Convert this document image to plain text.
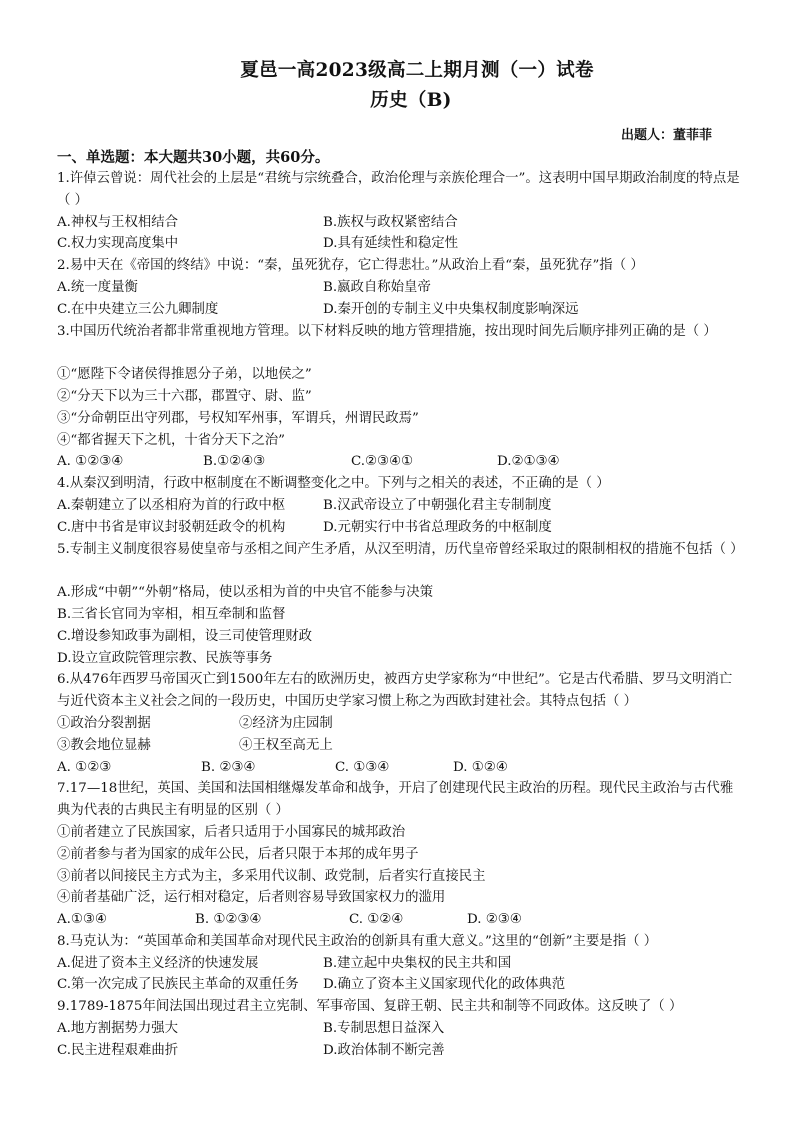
夏邑一高2023级高二上期月测（一）试卷
历史（B)
出题人：董菲菲
一、单选题：本大题共30小题，共60分。
1.许倬云曾说：周代社会的上层是“君统与宗统叠合，政治伦理与亲族伦理合一”。这表明中国早期政治制度的特点是（ ）
A.神权与王权相结合	B.族权与政权紧密结合
C.权力实现高度集中	D.具有延续性和稳定性
2.易中天在《帝国的终结》中说：“秦，虽死犹存，它亡得悲壮。”从政治上看“秦，虽死犹存”指（ ）
A.统一度量衡	B.嬴政自称始皇帝
C.在中央建立三公九卿制度	D.秦开创的专制主义中央集权制度影响深远
3.中国历代统治者都非常重视地方管理。以下材料反映的地方管理措施，按出现时间先后顺序排列正确的是（ ）
①“愿陛下令诸侯得推恩分子弟，以地侯之”
②“分天下以为三十六郡，郡置守、尉、监”
③“分命朝臣出守列郡，号权知军州事，军谓兵，州谓民政焉”
④“都省握天下之机，十省分天下之治”
A. ①②③④	B.①②④③	C.②③④①	D.②①③④
4.从秦汉到明清，行政中枢制度在不断调整变化之中。下列与之相关的表述，不正确的是（ ）
A.秦朝建立了以丞相府为首的行政中枢	B.汉武帝设立了中朝强化君主专制制度
C.唐中书省是审议封驳朝廷政令的机构	D.元朝实行中书省总理政务的中枢制度
5.专制主义制度很容易使皇帝与丞相之间产生矛盾，从汉至明清，历代皇帝曾经采取过的限制相权的措施不包括（ ）
A.形成“中朝”“外朝”格局，使以丞相为首的中央官不能参与决策
B.三省长官同为宰相，相互牵制和监督
C.增设参知政事为副相，设三司使管理财政
D.设立宣政院管理宗教、民族等事务
6.从476年西罗马帝国灭亡到1500年左右的欧洲历史，被西方史学家称为“中世纪”。它是古代希腊、罗马文明消亡与近代资本主义社会之间的一段历史，中国历史学家习惯上称之为西欧封建社会。其特点包括（ ）
①政治分裂割据	②经济为庄园制
③教会地位显赫	④王权至高无上
A. ①②③	B. ②③④	C. ①③④	D. ①②④
7.17—18世纪，英国、美国和法国相继爆发革命和战争，开启了创建现代民主政治的历程。现代民主政治与古代雅典为代表的古典民主有明显的区别（ ）
①前者建立了民族国家，后者只适用于小国寡民的城邦政治
②前者参与者为国家的成年公民，后者只限于本邦的成年男子
③前者以间接民主方式为主，多采用代议制、政党制，后者实行直接民主
④前者基础广泛，运行相对稳定，后者则容易导致国家权力的滥用
A.①③④	B. ①②③④	C. ①②④	D. ②③④
8.马克认为：“英国革命和美国革命对现代民主政治的创新具有重大意义。”这里的“创新”主要是指（ ）
A.促进了资本主义经济的快速发展	B.建立起中央集权的民主共和国
C.第一次完成了民族民主革命的双重任务	D.确立了资本主义国家现代化的政体典范
9.1789-1875年间法国出现过君主立宪制、军事帝国、复辟王朝、民主共和制等不同政体。这反映了（ ）
A.地方割据势力强大	B.专制思想日益深入
C.民主进程艰难曲折	D.政治体制不断完善
